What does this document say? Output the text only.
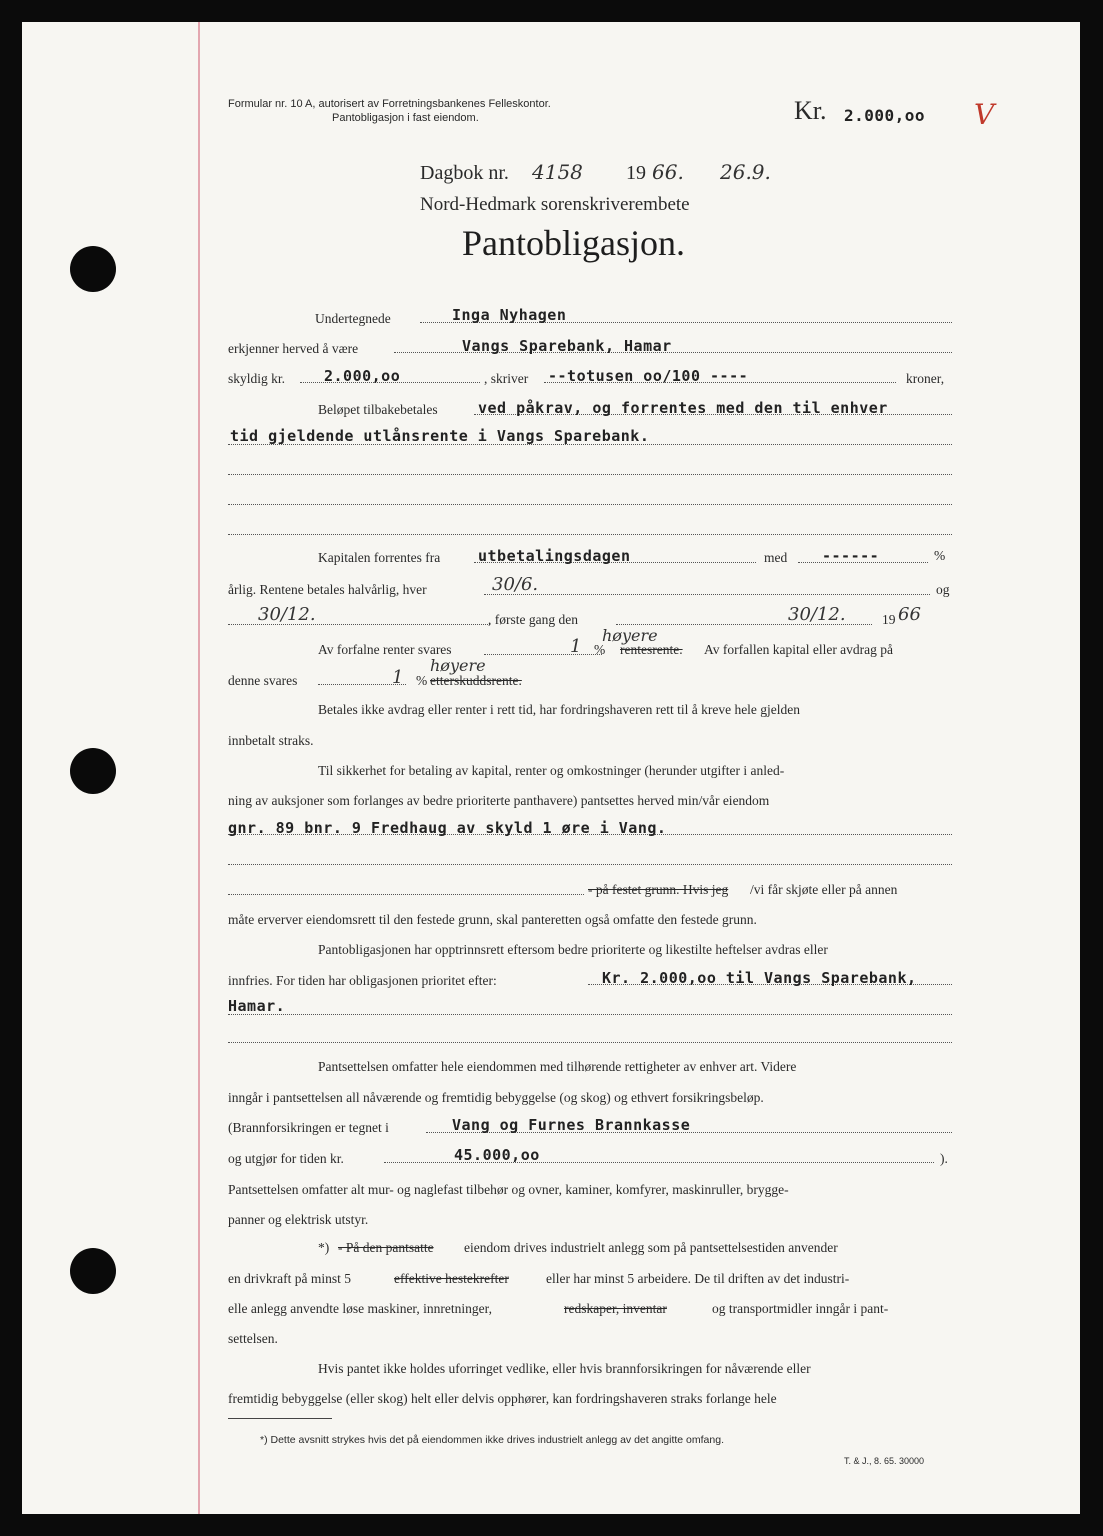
Formular nr. 10 A, autorisert av Forretningsbankenes Felleskontor.
Pantobligasjon i fast eiendom.	Kr. 2.000,oo V
Dagbok nr. 4158 19 66. 26.9.
Nord-Hedmark sorenskriverembete
Pantobligasjon.
Undertegnede	Inga Nyhagen
erkjenner herved å være	Vangs Sparebank, Hamar
skyldig kr.	2.000,oo	, skriver --totusen oo/100 ----	kroner,
Beløpet tilbakebetales	ved påkrav, og forrentes med den til enhver
tid gjeldende utlånsrente i Vangs Sparebank.
Kapitalen forrentes fra	utbetalingsdagen	med ------	%
årlig. Rentene betales halvårlig, hver	30/6.	og
30/12.	, første gang den	30/12.	19 66
Av forfalne renter svares	1 %
høyere
rentesrente. Av forfallen kapital eller avdrag på
denne svares	1 %
høyere
etterskuddsrente.
Betales ikke avdrag eller renter i rett tid, har fordringshaveren rett til å kreve hele gjelden
innbetalt straks.
Til sikkerhet for betaling av kapital, renter og omkostninger (herunder utgifter i anled-
ning av auksjoner som forlanges av bedre prioriterte panthavere) pantsettes herved min/vår eiendom
gnr. 89 bnr. 9 Fredhaug av skyld 1 øre i Vang.
- på festet grunn. Hvis jeg /vi får skjøte eller på annen
måte erverver eiendomsrett til den festede grunn, skal panteretten også omfatte den festede grunn.
Pantobligasjonen har opptrinnsrett eftersom bedre prioriterte og likestilte heftelser avdras eller
innfries. For tiden har obligasjonen prioritet efter:	Kr. 2.000,oo til Vangs Sparebank,
Hamar.
Pantsettelsen omfatter hele eiendommen med tilhørende rettigheter av enhver art. Videre
inngår i pantsettelsen all nåværende og fremtidig bebyggelse (og skog) og ethvert forsikringsbeløp.
(Brannforsikringen er tegnet i	Vang og Furnes Brannkasse
og utgjør for tiden kr.	45.000,oo	).
Pantsettelsen omfatter alt mur- og naglefast tilbehør og ovner, kaminer, komfyrer, maskinruller, brygge-
panner og elektrisk utstyr.
*) - På den pantsatte eiendom drives industrielt anlegg som på pantsettelsestiden anvender
en drivkraft på minst 5	effektive hestekrefter	eller har minst 5 arbeidere. De til driften av det industri-
elle anlegg anvendte løse maskiner, innretninger,	redskaper, inventar	og transportmidler inngår i pant-
settelsen.
Hvis pantet ikke holdes uforringet vedlike, eller hvis brannforsikringen for nåværende eller
fremtidig bebyggelse (eller skog) helt eller delvis opphører, kan fordringshaveren straks forlange hele
*) Dette avsnitt strykes hvis det på eiendommen ikke drives industrielt anlegg av det angitte omfang.
T. & J., 8. 65. 30000
